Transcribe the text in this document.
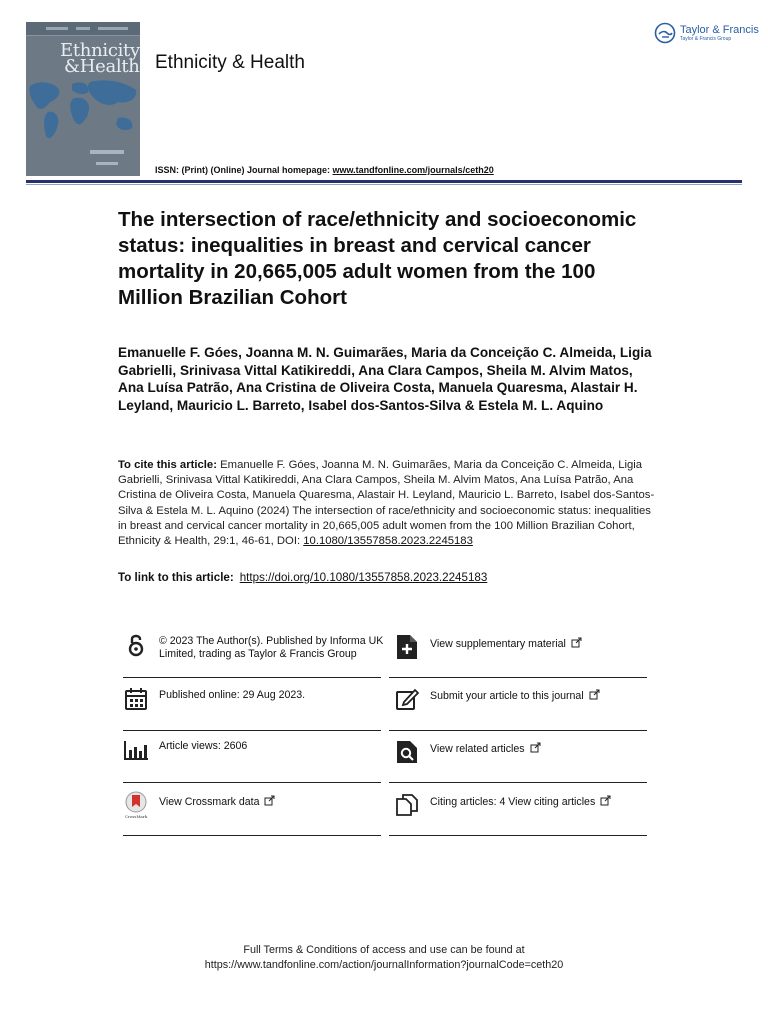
Ethnicity
&Health Ethnicity & Health
Taylor & Francis
Taylor & Francis Group
ISSN: (Print) (Online) Journal homepage: www.tandfonline.com/journals/ceth20
The intersection of race/ethnicity and socioeconomic status: inequalities in breast and cervical cancer mortality in 20,665,005 adult women from the 100 Million Brazilian Cohort
Emanuelle F. Góes, Joanna M. N. Guimarães, Maria da Conceição C. Almeida, Ligia Gabrielli, Srinivasa Vittal Katikireddi, Ana Clara Campos, Sheila M. Alvim Matos, Ana Luísa Patrão, Ana Cristina de Oliveira Costa, Manuela Quaresma, Alastair H. Leyland, Mauricio L. Barreto, Isabel dos-Santos-Silva & Estela M. L. Aquino
To cite this article: Emanuelle F. Góes, Joanna M. N. Guimarães, Maria da Conceição C. Almeida, Ligia Gabrielli, Srinivasa Vittal Katikireddi, Ana Clara Campos, Sheila M. Alvim Matos, Ana Luísa Patrão, Ana Cristina de Oliveira Costa, Manuela Quaresma, Alastair H. Leyland, Mauricio L. Barreto, Isabel dos-Santos-Silva & Estela M. L. Aquino (2024) The intersection of race/ethnicity and socioeconomic status: inequalities in breast and cervical cancer mortality in 20,665,005 adult women from the 100 Million Brazilian Cohort, Ethnicity & Health, 29:1, 46-61, DOI: 10.1080/13557858.2023.2245183
To link to this article: https://doi.org/10.1080/13557858.2023.2245183
© 2023 The Author(s). Published by Informa UK Limited, trading as Taylor & Francis Group
Published online: 29 Aug 2023.
Article views: 2606
CrossMark
View Crossmark data
View supplementary material
Submit your article to this journal
View related articles
Citing articles: 4 View citing articles
Full Terms & Conditions of access and use can be found at
https://www.tandfonline.com/action/journalInformation?journalCode=ceth20
